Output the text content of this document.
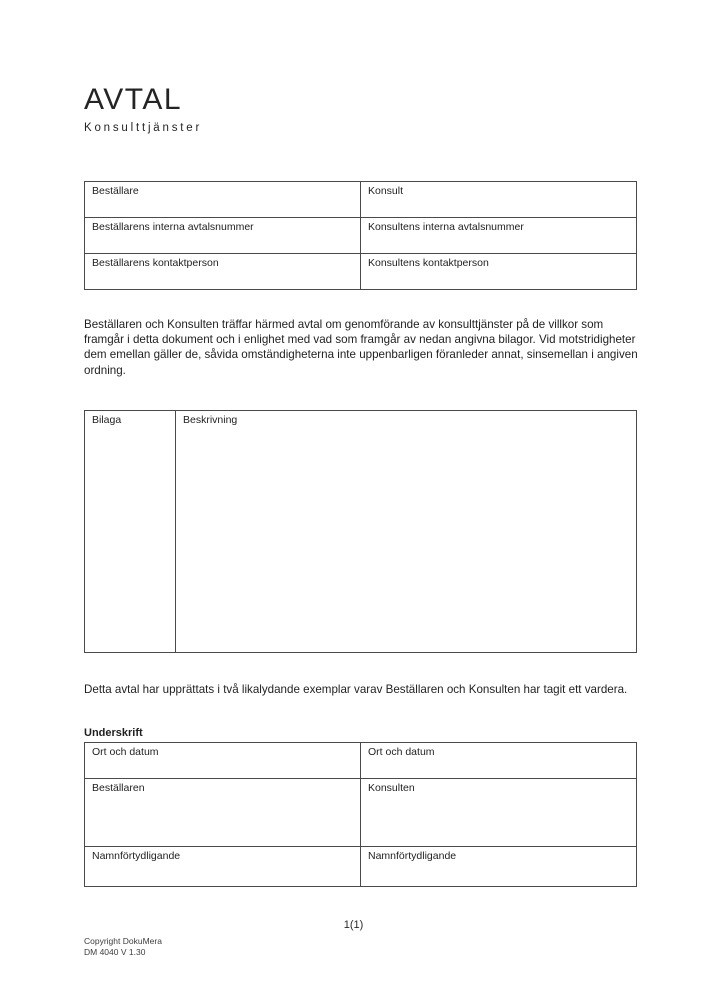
AVTAL
Konsulttjänster
Beställare	Konsult
Beställarens interna avtalsnummer	Konsultens interna avtalsnummer
Beställarens kontaktperson	Konsultens kontaktperson

Beställaren och Konsulten träffar härmed avtal om genomförande av konsulttjänster på de villkor som framgår i detta dokument och i enlighet med vad som framgår av nedan angivna bilagor. Vid motstridigheter dem emellan gäller de, såvida omständigheterna inte uppenbarligen föranleder annat, sinsemellan i angiven ordning.

Bilaga	Beskrivning

Detta avtal har upprättats i två likalydande exemplar varav Beställaren och Konsulten har tagit ett vardera.

Underskrift
Ort och datum	Ort och datum
Beställaren	Konsulten
Namnförtydligande	Namnförtydligande
1(1)
Copyright DokuMera
DM 4040 V 1.30
